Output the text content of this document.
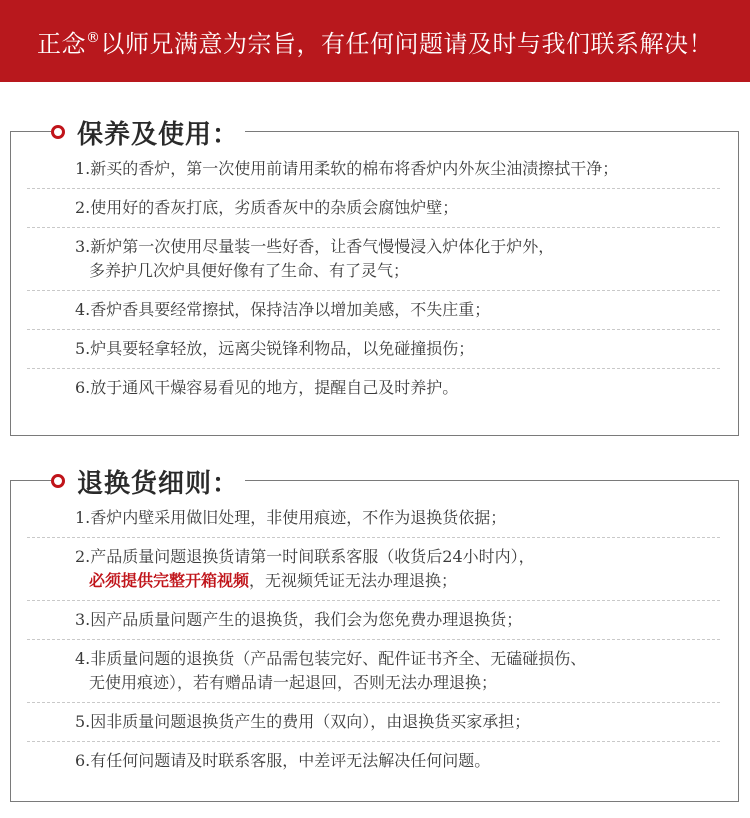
正念®以师兄满意为宗旨，有任何问题请及时与我们联系解决！
保养及使用：
1.新买的香炉，第一次使用前请用柔软的棉布将香炉内外灰尘油渍擦拭干净；
2.使用好的香灰打底，劣质香灰中的杂质会腐蚀炉壁；
3.新炉第一次使用尽量装一些好香，让香气慢慢浸入炉体化于炉外，
多养护几次炉具便好像有了生命、有了灵气；
4.香炉香具要经常擦拭，保持洁净以增加美感，不失庄重；
5.炉具要轻拿轻放，远离尖锐锋利物品，以免碰撞损伤；
6.放于通风干燥容易看见的地方，提醒自己及时养护。
退换货细则：
1.香炉内壁采用做旧处理，非使用痕迹，不作为退换货依据；
2.产品质量问题退换货请第一时间联系客服（收货后24小时内），
必须提供完整开箱视频，无视频凭证无法办理退换；
3.因产品质量问题产生的退换货，我们会为您免费办理退换货；
4.非质量问题的退换货（产品需包装完好、配件证书齐全、无磕碰损伤、
无使用痕迹），若有赠品请一起退回，否则无法办理退换；
5.因非质量问题退换货产生的费用（双向），由退换货买家承担；
6.有任何问题请及时联系客服，中差评无法解决任何问题。
